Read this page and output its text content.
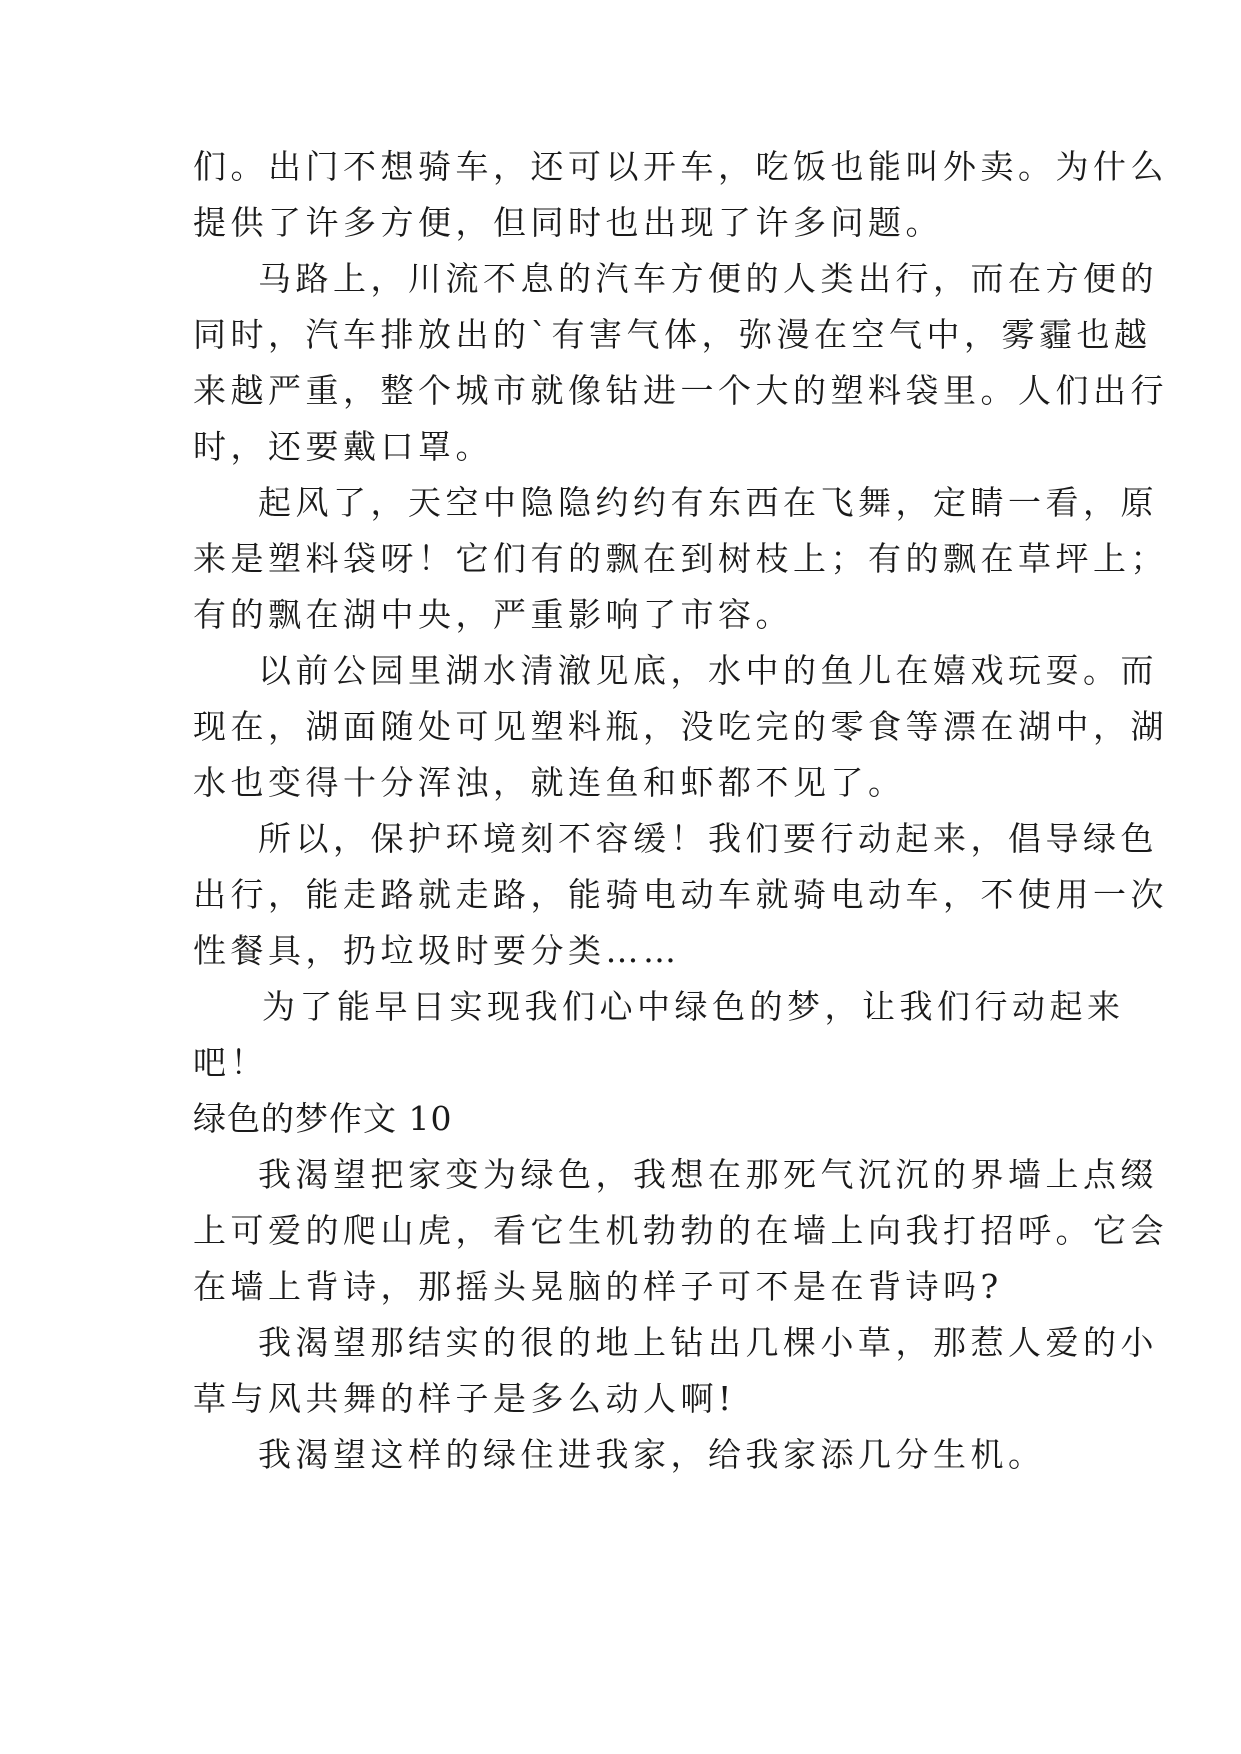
们。出门不想骑车，还可以开车，吃饭也能叫外卖。为什么
提供了许多方便，但同时也出现了许多问题。
马路上，川流不息的汽车方便的人类出行，而在方便的
同时，汽车排放出的`有害气体，弥漫在空气中，雾霾也越
来越严重，整个城市就像钻进一个大的塑料袋里。人们出行
时，还要戴口罩。
起风了，天空中隐隐约约有东西在飞舞，定睛一看，原
来是塑料袋呀！它们有的飘在到树枝上；有的飘在草坪上；
有的飘在湖中央，严重影响了市容。
以前公园里湖水清澈见底，水中的鱼儿在嬉戏玩耍。而
现在，湖面随处可见塑料瓶，没吃完的零食等漂在湖中，湖
水也变得十分浑浊，就连鱼和虾都不见了。
所以，保护环境刻不容缓！我们要行动起来，倡导绿色
出行，能走路就走路，能骑电动车就骑电动车，不使用一次
性餐具，扔垃圾时要分类……
为了能早日实现我们心中绿色的梦，让我们行动起来
吧！
绿色的梦作文 10
我渴望把家变为绿色，我想在那死气沉沉的界墙上点缀
上可爱的爬山虎，看它生机勃勃的在墙上向我打招呼。它会
在墙上背诗，那摇头晃脑的样子可不是在背诗吗?
我渴望那结实的很的地上钻出几棵小草，那惹人爱的小
草与风共舞的样子是多么动人啊!
我渴望这样的绿住进我家，给我家添几分生机。
